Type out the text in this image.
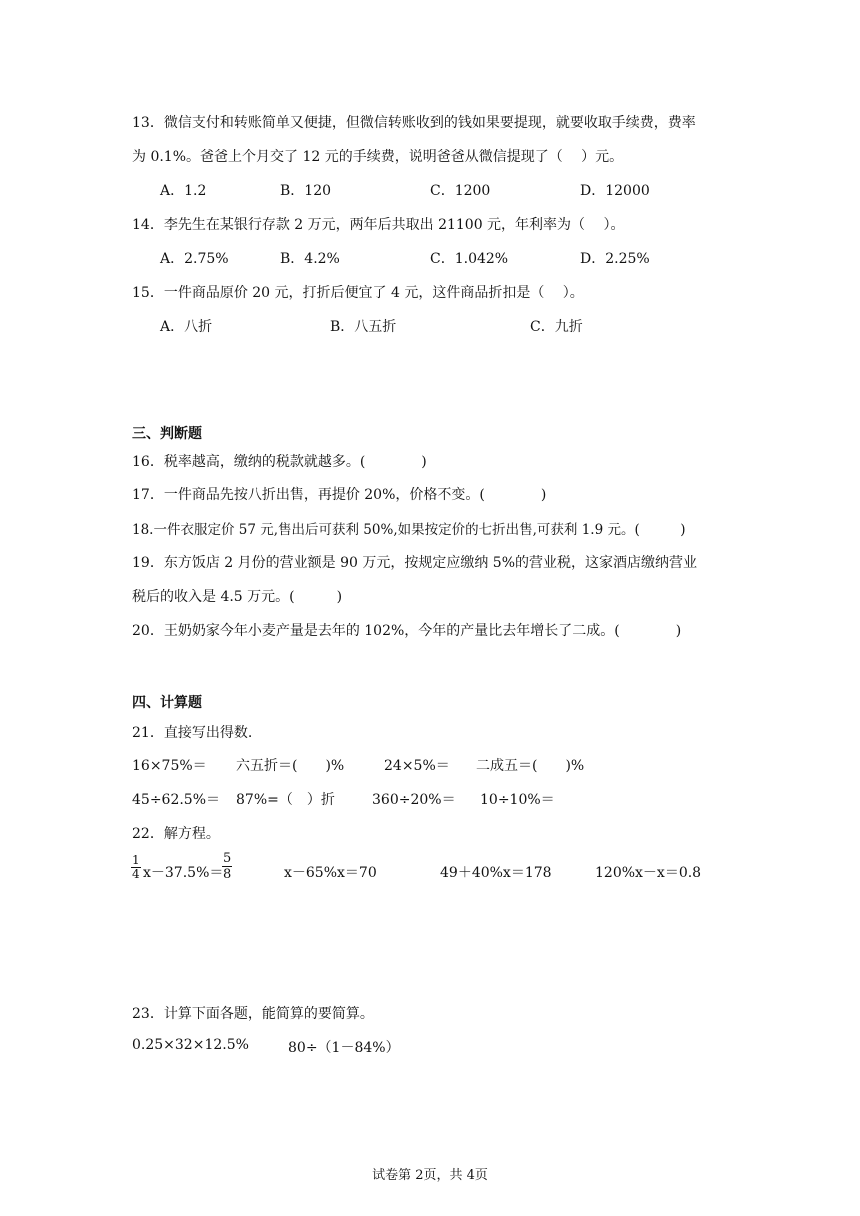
13．微信支付和转账简单又便捷，但微信转账收到的钱如果要提现，就要收取手续费，费率
为 0.1%。爸爸上个月交了 12 元的手续费，说明爸爸从微信提现了（　 ）元。
A．1.2	B．120	C．1200	D．12000
14．李先生在某银行存款 2 万元，两年后共取出 21100 元，年利率为（　 ）。
A．2.75%	B．4.2%	C．1.042%	D．2.25%
15．一件商品原价 20 元，打折后便宜了 4 元，这件商品折扣是（　 ）。
A．八折	B．八五折	C．九折
三、判断题
16．税率越高，缴纳的税款就越多。(　　　　)
17．一件商品先按八折出售，再提价 20%，价格不变。(　　　　)
18.一件衣服定价 57 元,售出后可获利 50%,如果按定价的七折出售,可获利 1.9 元。(　　　)
19．东方饭店 2 月份的营业额是 90 万元，按规定应缴纳 5%的营业税，这家酒店缴纳营业
税后的收入是 4.5 万元。(　　　)
20．王奶奶家今年小麦产量是去年的 102%，今年的产量比去年增长了二成。(　　　　)
四、计算题
21．直接写出得数.
16×75%＝ 六五折＝(　　)%	24×5%＝ 二成五＝(　　)%
45÷62.5%＝ 87%=（　）折	360÷20%＝ 10÷10%＝
22．解方程。
$\frac{1}{4} x-37.5\%=$
$\frac{5}{8}$	x－65%x＝70	49＋40%x＝178	120%x－x＝0.8
23．计算下面各题，能简算的要简算。
0.25×32×12.5%	80÷（1－84%）
试卷第 2页，共 4页
